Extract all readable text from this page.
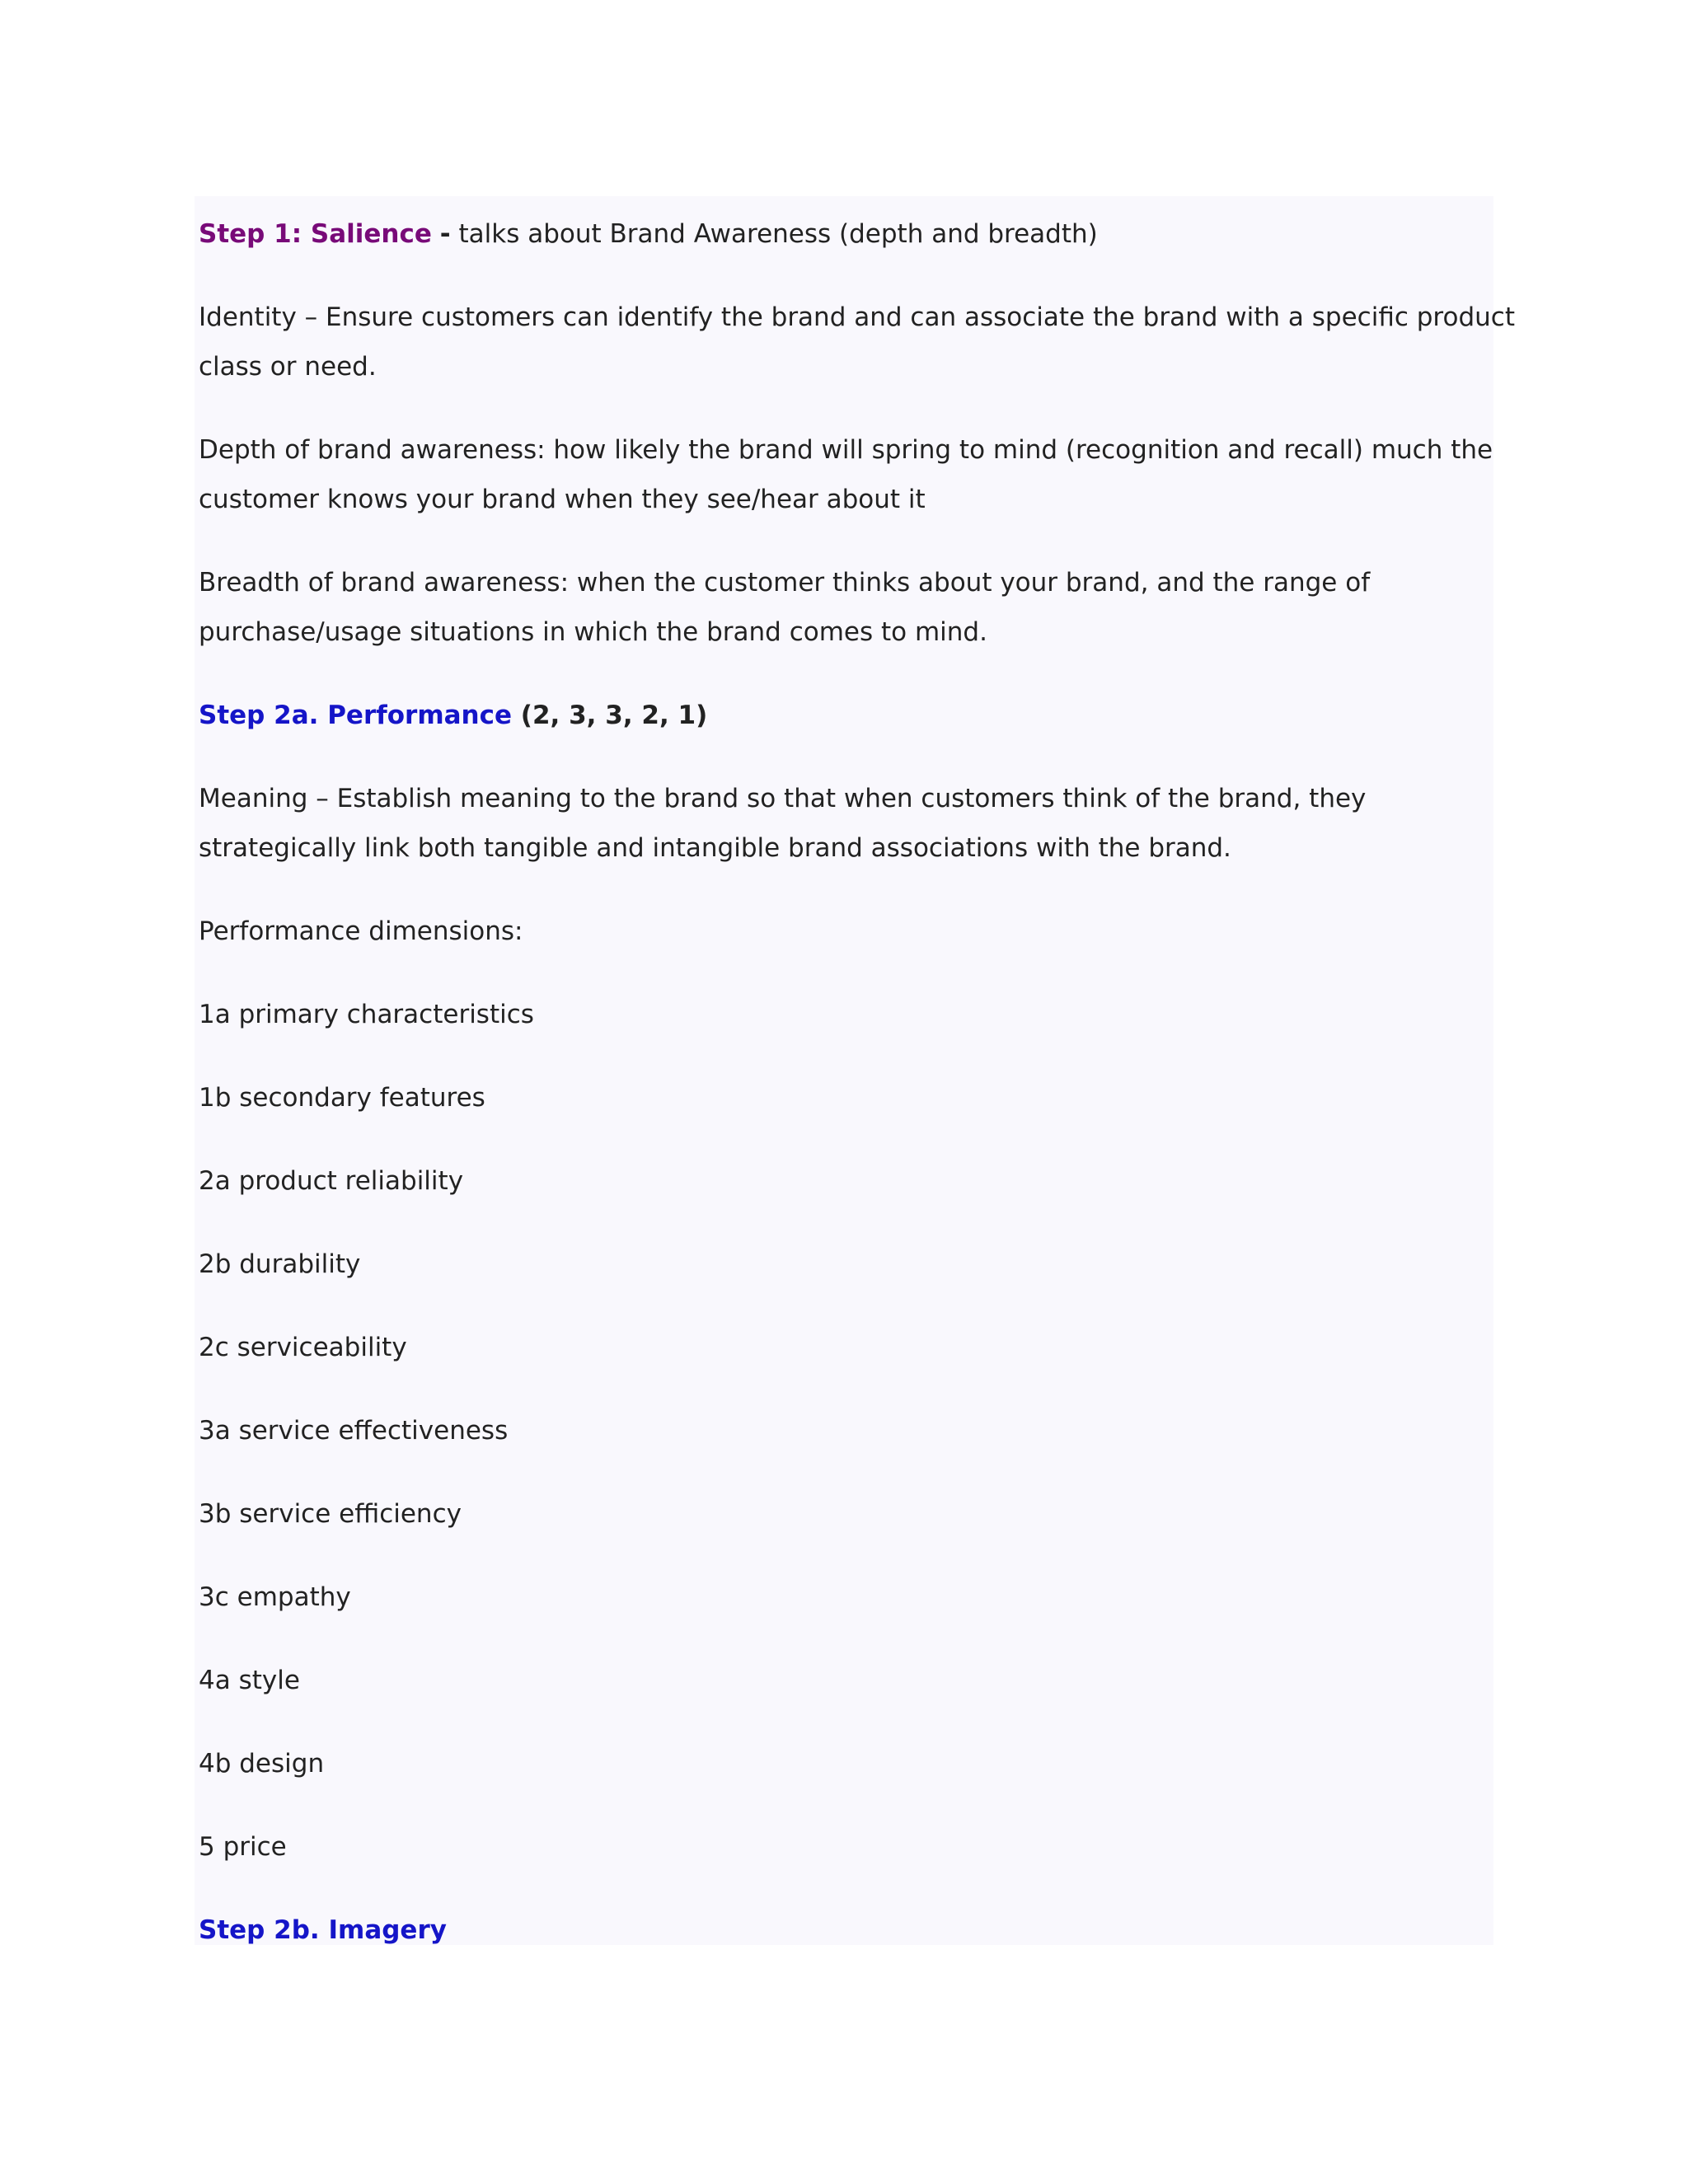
Step 1: Salience - talks about Brand Awareness (depth and breadth)

Identity – Ensure customers can identify the brand and can associate the brand with a specific product

class or need.

Depth of brand awareness: how likely the brand will spring to mind (recognition and recall) much the

customer knows your brand when they see/hear about it

Breadth of brand awareness: when the customer thinks about your brand, and the range of

purchase/usage situations in which the brand comes to mind.

Step 2a. Performance (2, 3, 3, 2, 1)

Meaning – Establish meaning to the brand so that when customers think of the brand, they

strategically link both tangible and intangible brand associations with the brand.

Performance dimensions:

1a primary characteristics

1b secondary features

2a product reliability

2b durability

2c serviceability

3a service effectiveness

3b service efficiency

3c empathy

4a style

4b design

5 price

Step 2b. Imagery
